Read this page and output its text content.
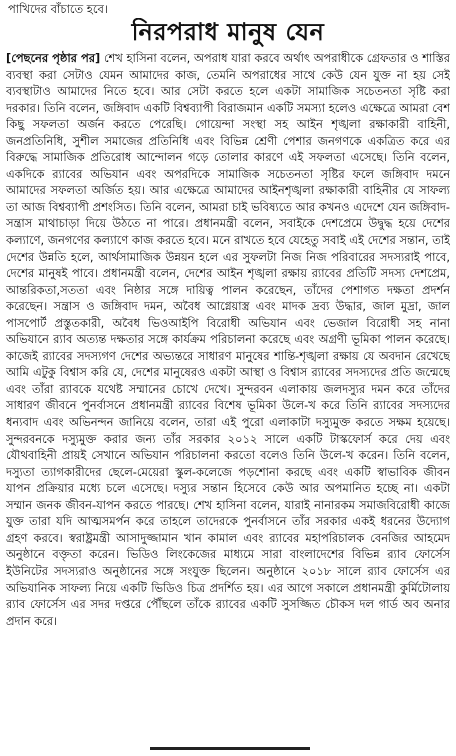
পাখিদের বাঁচাতে হবে।
নিরপরাধ মানুষ যেন
[পেছনের পৃষ্ঠার পর] শেখ হাসিনা বলেন, অপরাধ যারা করবে অর্থাৎ অপরাধীকে গ্রেফতার ও শাস্তির ব্যবস্থা করা সেটাও যেমন আমাদের কাজ, তেমনি অপরাধের সাথে কেউ যেন যুক্ত না হয় সেই ব্যবস্থাটাও আমাদের নিতে হবে। আর সেটা করতে হলে একটা সামাজিক সচেতনতা সৃষ্টি করা দরকার। তিনি বলেন, জঙ্গিবাদ একটি বিশ্বব্যাপী বিরাজমান একটি সমস্যা হলেও এক্ষেত্রে আমরা বেশ কিছু সফলতা অর্জন করতে পেরেছি। গোয়েন্দা সংস্থা সহ আইন শৃঙ্খলা রক্ষাকারী বাহিনী, জনপ্রতিনিধি, সুশীল সমাজের প্রতিনিধি এবং বিভিন্ন শ্রেণী পেশার জনগণকে একত্রিত করে এর বিরুদ্ধে সামাজিক প্রতিরোধ আন্দোলন গড়ে তোলার কারণে এই সফলতা এসেছে। তিনি বলেন, একদিকে র‌্যাবের অভিযান এবং অপরদিকে সামাজিক সচেতনতা সৃষ্টির ফলে জঙ্গিবাদ দমনে আমাদের সফলতা অর্জিত হয়। আর এক্ষেত্রে আমাদের আইনশৃঙ্খলা রক্ষাকারী বাহিনীর যে সাফল্য তা আজ বিশ্বব্যাপী প্রশংসিত। তিনি বলেন, আমরা চাই ভবিষ্যতে আর কখনও এদেশে যেন জঙ্গিবাদ-সন্ত্রাস মাথাচাড়া দিয়ে উঠতে না পারে। প্রধানমন্ত্রী বলেন, সবাইকে দেশপ্রেমে উদ্বুদ্ধ হয়ে দেশের কল্যাণে, জনগণের কল্যাণে কাজ করতে হবে। মনে রাখতে হবে যেহেতু সবাই এই দেশের সন্তান, তাই দেশের উন্নতি হলে, আর্থসামাজিক উন্নয়ন হলে এর সুফলটা নিজ নিজ পরিবারের সদস্যরাই পাবে, দেশের মানুষই পাবে। প্রধানমন্ত্রী বলেন, দেশের আইন শৃঙ্খলা রক্ষায় র‌্যাবের প্রতিটি সদস্য দেশপ্রেম, আন্তরিকতা,সততা এবং নিষ্ঠার সঙ্গে দায়িত্ব পালন করেছেন, তাঁদের পেশাগত দক্ষতা প্রদর্শন করেছেন। সন্ত্রাস ও জঙ্গিবাদ দমন, অবৈধ আগ্নেয়াস্ত্র এবং মাদক দ্রব্য উদ্ধার, জাল মুদ্রা, জাল পাসপোর্ট প্রস্তুতকারী, অবৈধ ভিওআইপি বিরোধী অভিযান এবং ভেজাল বিরোধী সহ নানা অভিযানে র‌্যাব অত্যন্ত দক্ষতার সঙ্গে কার্যক্রম পরিচালনা করেছে এবং অগ্রণী ভূমিকা পালন করেছে। কাজেই র‌্যাবের সদস্যগণ দেশের অভ্যন্তরে সাধারণ মানুষের শান্তি-শৃঙ্খলা রক্ষায় যে অবদান রেখেছে আমি এটুকু বিশ্বাস করি যে, দেশের মানুষেরও একটা আস্থা ও বিশ্বাস র‌্যাবের সদস্যদের প্রতি জন্মেছে এবং তাঁরা র‌্যাবকে যথেষ্ট সম্মানের চোখে দেখে। সুন্দরবন এলাকায় জলদস্যুর দমন করে তাঁদের সাধারণ জীবনে পুনর্বাসনে প্রধানমন্ত্রী র‌্যাবের বিশেষ ভূমিকা উলে-খ করে তিনি র‌্যাবের সদস্যদের ধন্যবাদ এবং অভিনন্দন জানিয়ে বলেন, তারা এই পুরো এলাকাটা দস্যুমুক্ত করতে সক্ষম হয়েছে। সুন্দরবনকে দস্যুমুক্ত করার জন্য তাঁর সরকার ২০১২ সালে একটি টাস্কফোর্স করে দেয় এবং যৌথবাহিনী প্রায়ই সেখানে অভিযান পরিচালনা করতো বলেও তিনি উলে-খ করেন। তিনি বলেন, দস্যুতা ত্যাগকারীদের ছেলে-মেয়েরা স্কুল-কলেজে পড়শোনা করছে এবং একটি স্বাভাবিক জীবন যাপন প্রক্রিয়ার মধ্যে চলে এসেছে। দস্যুর সন্তান হিসেবে কেউ আর অপমানিত হচ্ছে না। একটা সম্মান জনক জীবন-যাপন করতে পারছে। শেখ হাসিনা বলেন, যারাই নানারকম সমাজবিরোধী কাজে যুক্ত তারা যদি আত্মসমর্পন করে তাহলে তাদেরকে পুনর্বাসনে তাঁর সরকার একই ধরনের উদ্যোগ গ্রহণ করবে। স্বরাষ্ট্রমন্ত্রী আসাদুজ্জামান খান কামাল এবং র‌্যাবের মহাপরিচালক বেনজির আহমেদ অনুষ্ঠানে বক্তৃতা করেন। ভিডিও লিংকেজের মাধ্যমে সারা বাংলাদেশের বিভিন্ন র‌্যাব ফোর্সেস ইউনিটের সদস্যরাও অনুষ্ঠানের সঙ্গে সংযুক্ত ছিলেন। অনুষ্ঠানে ২০১৮ সালে র‌্যাব ফোর্সেস এর অভিযানিক সাফল্য নিয়ে একটি ভিডিও চিত্র প্রদর্শিত হয়। এর আগে সকালে প্রধানমন্ত্রী কুর্মিটোলায় র‌্যাব ফোর্সেস এর সদর দপ্তরে পৌঁছলে তাঁকে র‌্যাবের একটি সুসজ্জিত চৌকস দল গার্ড অব অনার প্রদান করে।
